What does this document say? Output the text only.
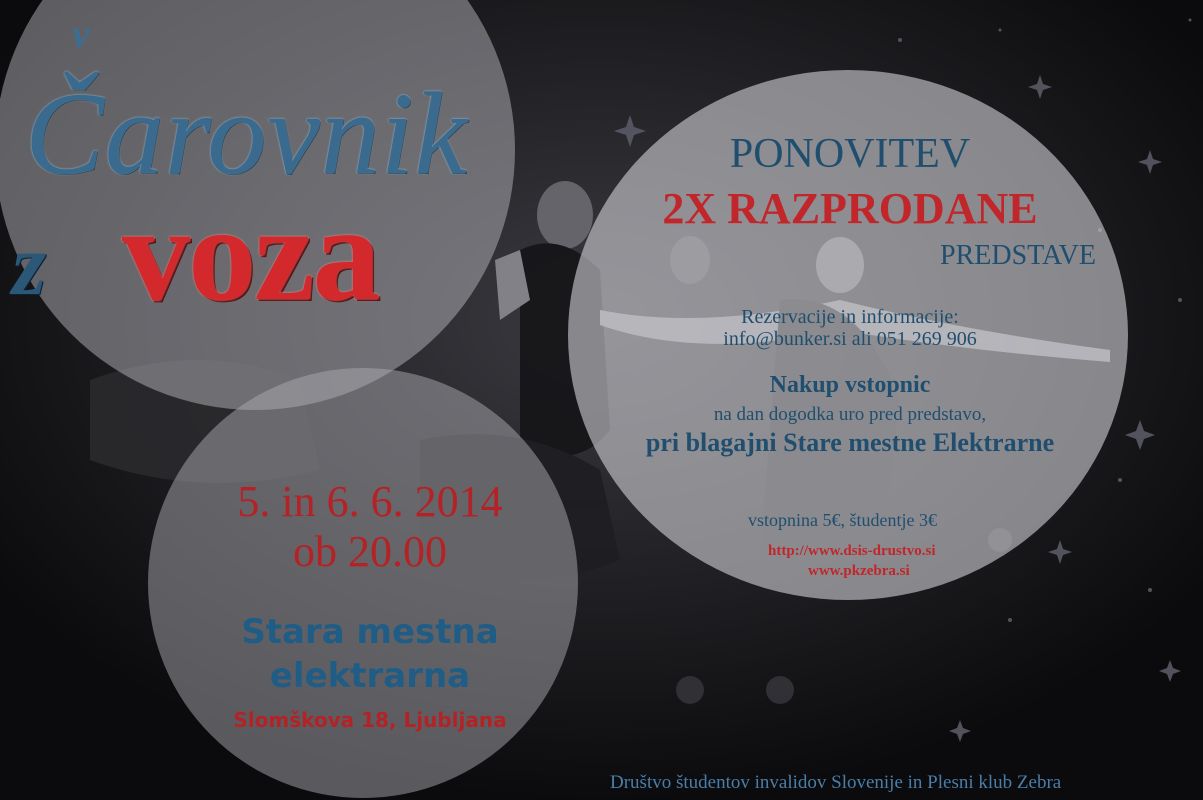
v
Čarovnik
z voza
5. in 6. 6. 2014
ob 20.00
Stara mestna
elektrarna
Slomškova 18, Ljubljana
PONOVITEV
2X RAZPRODANE
PREDSTAVE
Rezervacije in informacije:
info@bunker.si ali 051 269 906
Nakup vstopnic
na dan dogodka uro pred predstavo,
pri blagajni Stare mestne Elektrarne
vstopnina 5€, študentje 3€
http://www.dsis-drustvo.si
www.pkzebra.si
Društvo študentov invalidov Slovenije in Plesni klub Zebra
